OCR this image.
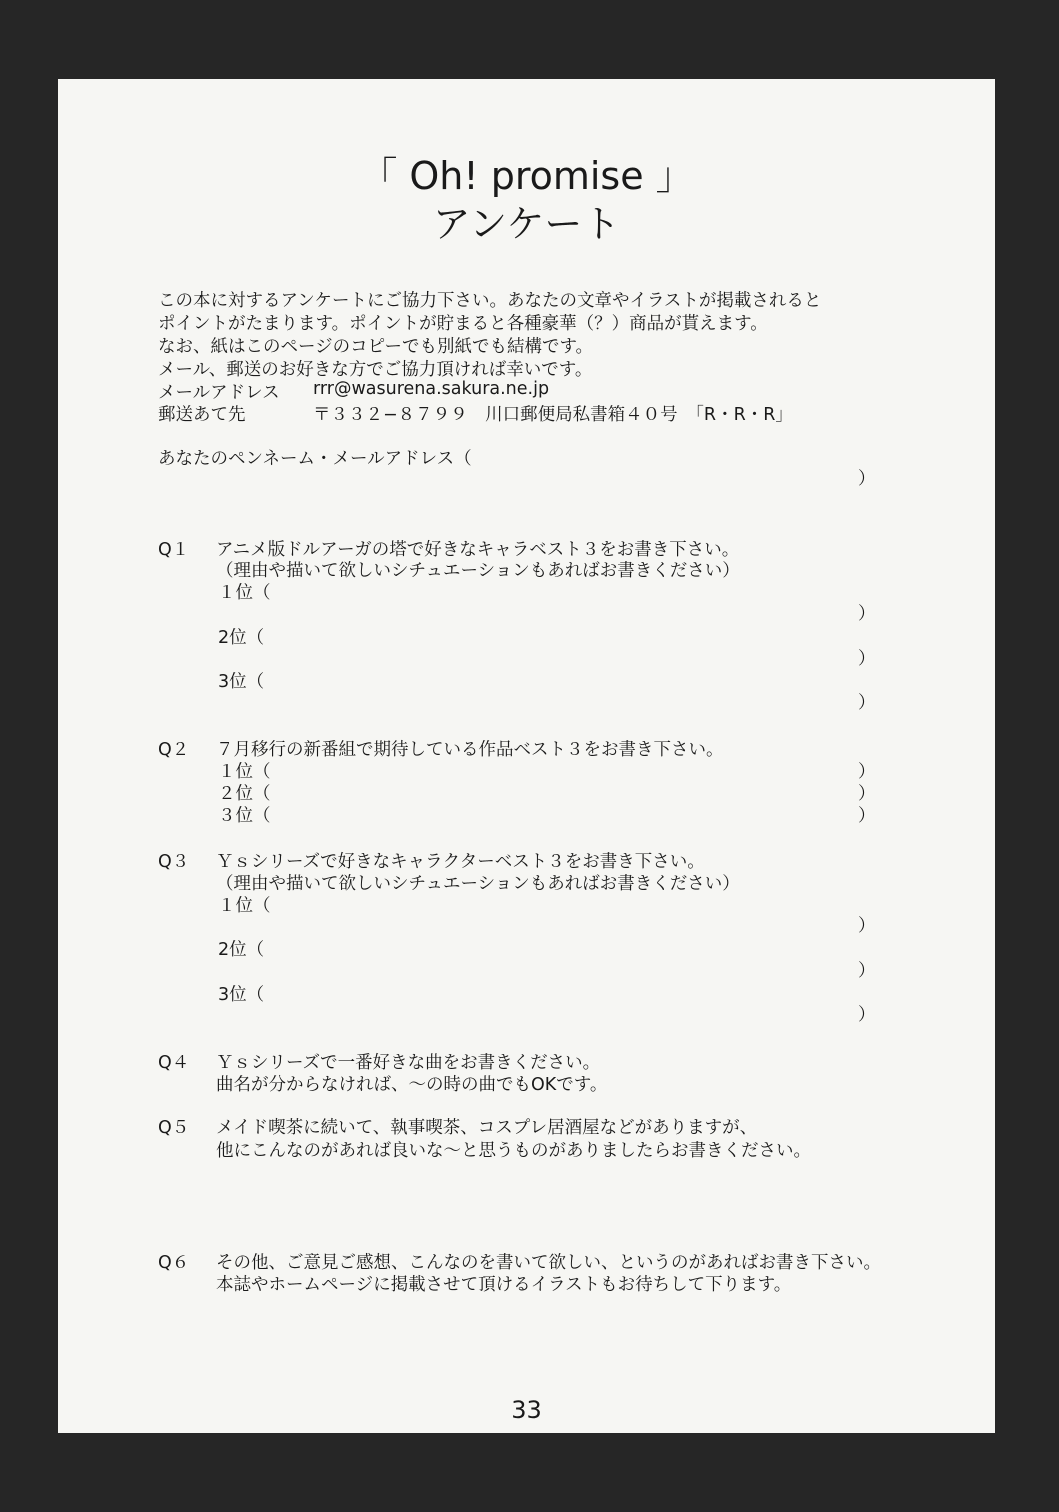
「 Oh! promise 」
アンケート
この本に対するアンケートにご協力下さい。あなたの文章やイラストが掲載されると
ポイントがたまります。ポイントが貯まると各種豪華（？）商品が貰えます。
なお、紙はこのページのコピーでも別紙でも結構です。
メール、郵送のお好きな方でご協力頂ければ幸いです。
メールアドレス rrr@wasurena.sakura.ne.jp
郵送あて先	〒３３２−８７９９　川口郵便局私書箱４０号　「R・R・R」
あなたのペンネーム・メールアドレス（
）
Q１ アニメ版ドルアーガの塔で好きなキャラベスト３をお書き下さい。
（理由や描いて欲しいシチュエーションもあればお書きください）
１位（
）
2位（
）
3位（
）
Q２ ７月移行の新番組で期待している作品ベスト３をお書き下さい。
１位（	）
２位（	）
３位（	）
Q３ Ｙｓシリーズで好きなキャラクターベスト３をお書き下さい。
（理由や描いて欲しいシチュエーションもあればお書きください）
１位（
）
2位（
）
3位（
）
Q４ Ｙｓシリーズで一番好きな曲をお書きください。
曲名が分からなければ、〜の時の曲でもOKです。
Q５ メイド喫茶に続いて、執事喫茶、コスプレ居酒屋などがありますが、
他にこんなのがあれば良いな〜と思うものがありましたらお書きください。
Q６ その他、ご意見ご感想、こんなのを書いて欲しい、というのがあればお書き下さい。
本誌やホームページに掲載させて頂けるイラストもお待ちして下ります。
33
